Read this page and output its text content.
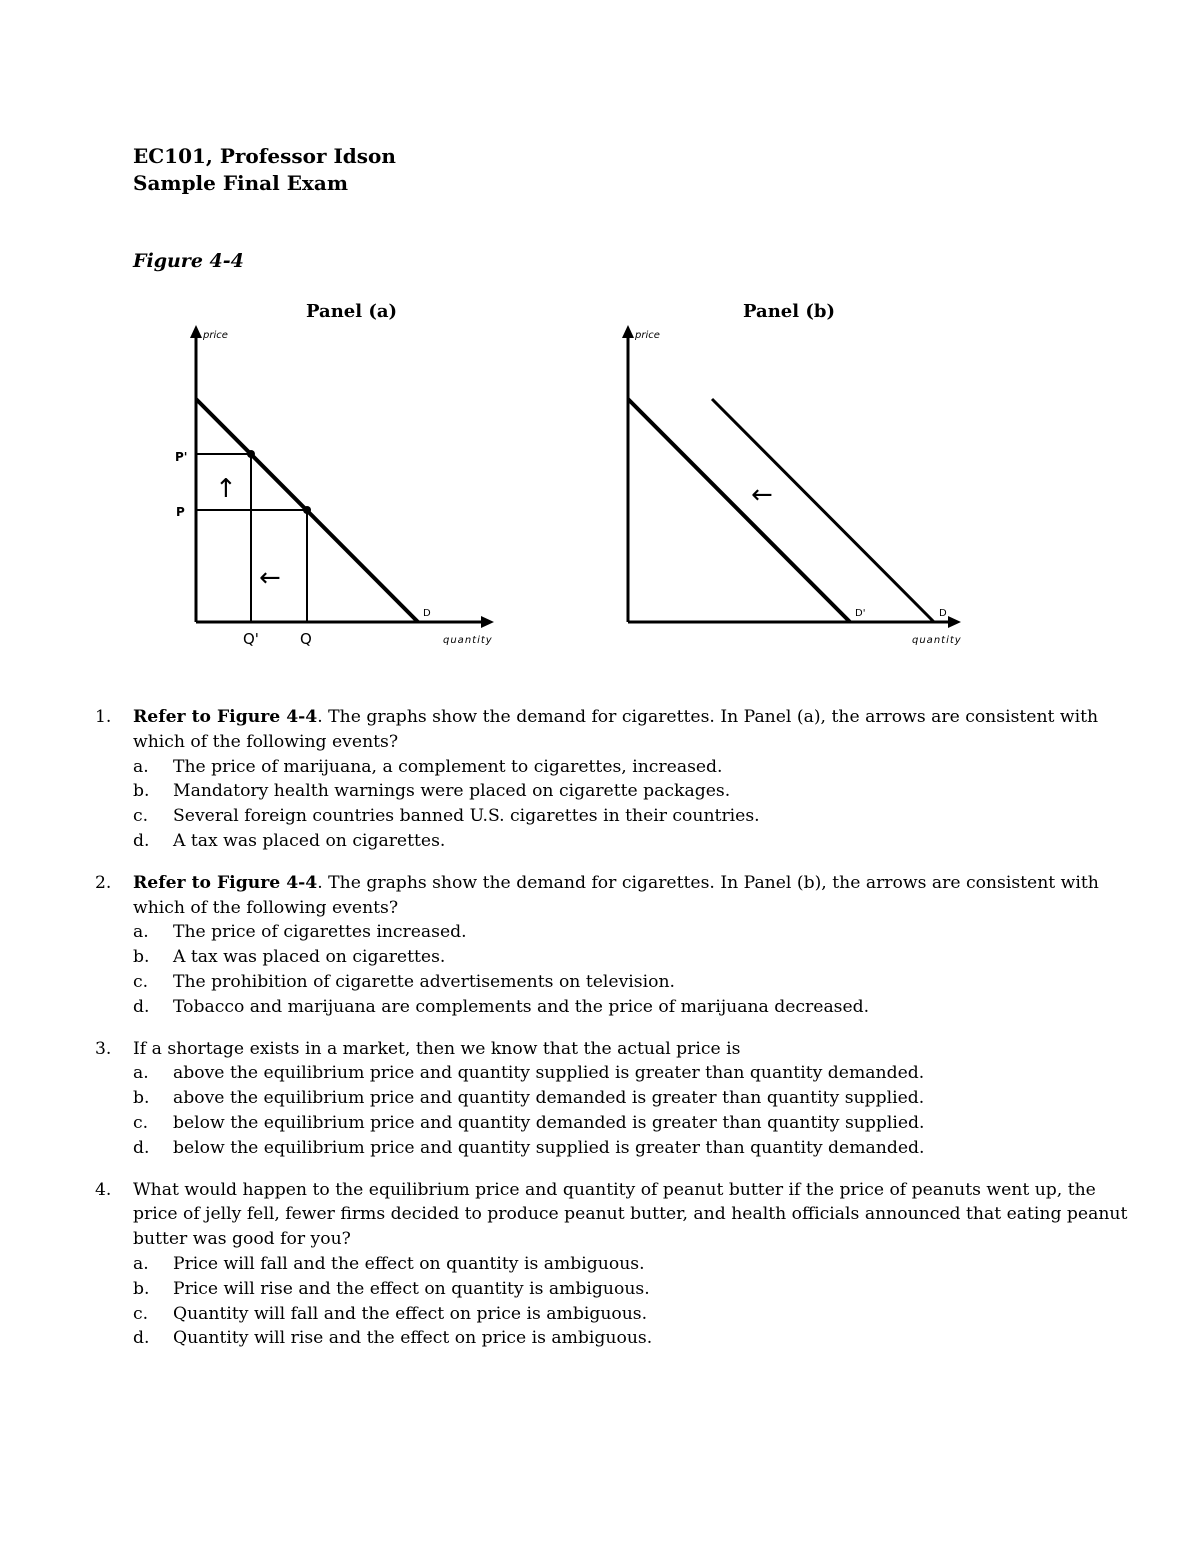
EC101, Professor Idson
Sample Final Exam
Figure 4-4
Panel (a)	Panel (b)
price
quantity
D
P'
P
Q'	Q
↑
←
price
quantity
D'	D
←
1.	Refer to Figure 4-4. The graphs show the demand for cigarettes. In Panel (a), the arrows are consistent with which of the following events?
a.	The price of marijuana, a complement to cigarettes, increased.
b.	Mandatory health warnings were placed on cigarette packages.
c.	Several foreign countries banned U.S. cigarettes in their countries.
d.	A tax was placed on cigarettes.
2.	Refer to Figure 4-4. The graphs show the demand for cigarettes. In Panel (b), the arrows are consistent with which of the following events?
a.	The price of cigarettes increased.
b.	A tax was placed on cigarettes.
c.	The prohibition of cigarette advertisements on television.
d.	Tobacco and marijuana are complements and the price of marijuana decreased.
3.	If a shortage exists in a market, then we know that the actual price is
a.	above the equilibrium price and quantity supplied is greater than quantity demanded.
b.	above the equilibrium price and quantity demanded is greater than quantity supplied.
c.	below the equilibrium price and quantity demanded is greater than quantity supplied.
d.	below the equilibrium price and quantity supplied is greater than quantity demanded.
4.	What would happen to the equilibrium price and quantity of peanut butter if the price of peanuts went up, the price of jelly fell, fewer firms decided to produce peanut butter, and health officials announced that eating peanut butter was good for you?
a.	Price will fall and the effect on quantity is ambiguous.
b.	Price will rise and the effect on quantity is ambiguous.
c.	Quantity will fall and the effect on price is ambiguous.
d.	Quantity will rise and the effect on price is ambiguous.
